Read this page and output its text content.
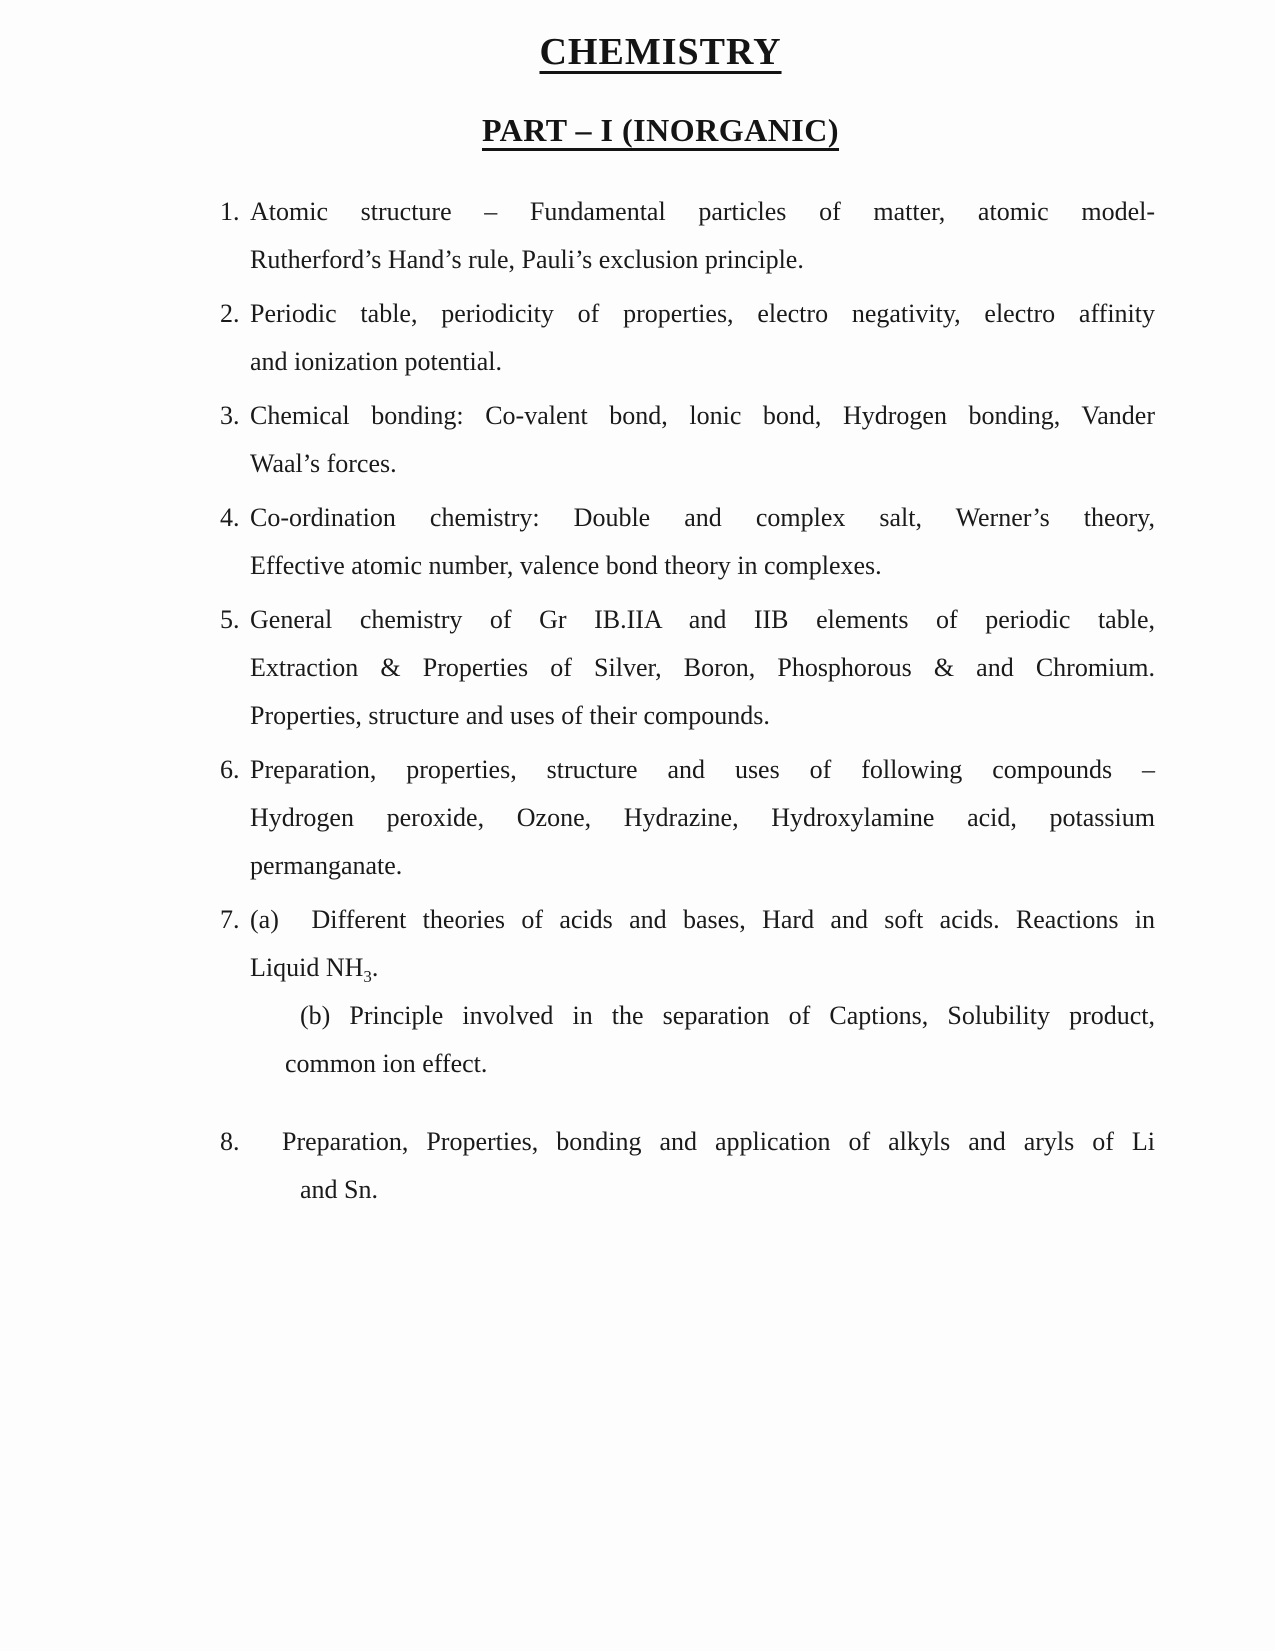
CHEMISTRY
PART – I (INORGANIC)
1. Atomic structure – Fundamental particles of matter, atomic model-
Rutherford’s Hand’s rule, Pauli’s exclusion principle.
2. Periodic table, periodicity of properties, electro negativity, electro affinity
and ionization potential.
3. Chemical bonding: Co-valent bond, lonic bond, Hydrogen bonding, Vander
Waal’s forces.
4. Co-ordination chemistry: Double and complex salt, Werner’s theory,
Effective atomic number, valence bond theory in complexes.
5. General chemistry of Gr IB.IIA and IIB elements of periodic table,
Extraction & Properties of Silver, Boron, Phosphorous & and Chromium.
Properties, structure and uses of their compounds.
6. Preparation, properties, structure and uses of following compounds –
Hydrogen peroxide, Ozone, Hydrazine, Hydroxylamine acid, potassium
permanganate.
7. (a)  Different theories of acids and bases, Hard and soft acids. Reactions in
Liquid $NH_3$.
(b) Principle involved in the separation of Captions, Solubility product,
common ion effect.
8.	Preparation, Properties, bonding and application of alkyls and aryls of Li
and Sn.
